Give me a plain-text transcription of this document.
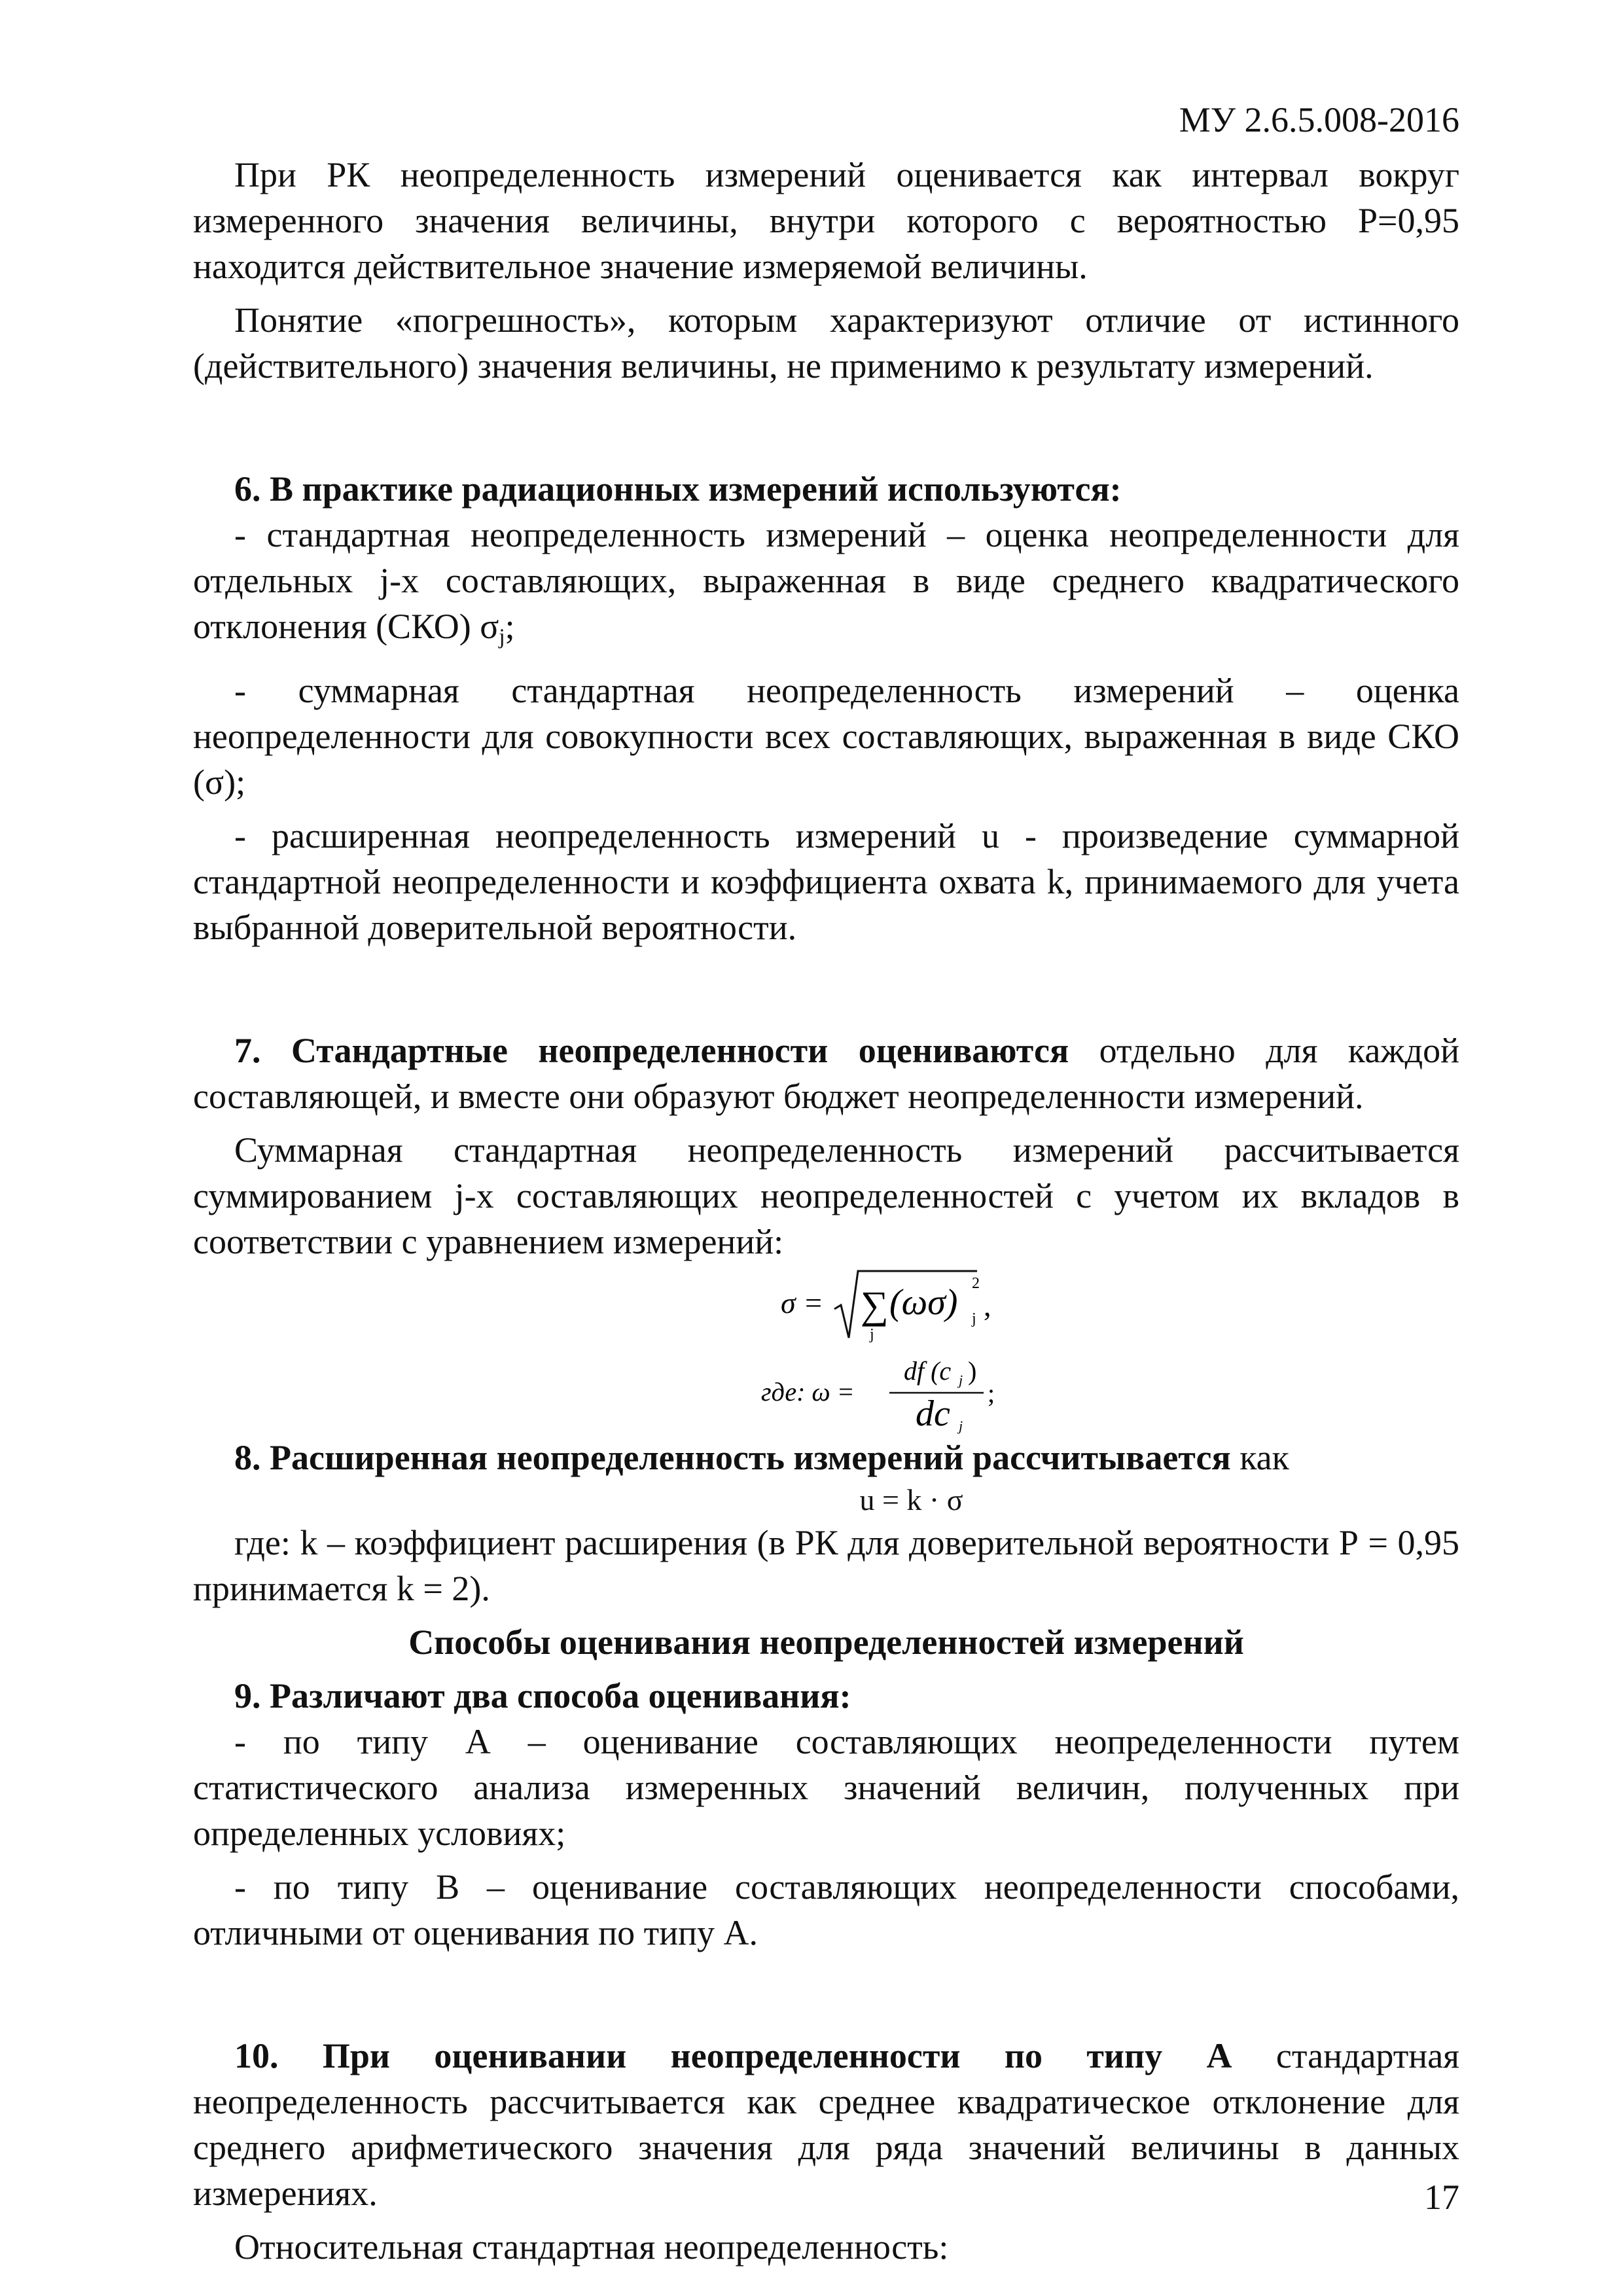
МУ 2.6.5.008-2016

При РК неопределенность измерений оценивается как интервал вокруг измеренного значения величины, внутри которого с вероятностью Р=0,95 находится действительное значение измеряемой величины.

Понятие «погрешность», которым характеризуют отличие от истинного (действительного) значения величины, не применимо к результату измерений.

6. В практике радиационных измерений используются:

- стандартная неопределенность измерений – оценка неопределенности для отдельных j-х составляющих, выраженная в виде среднего квадратического отклонения (СКО) $\sigma_j$;

- суммарная стандартная неопределенность измерений – оценка неопределенности для совокупности всех составляющих, выраженная в виде СКО (σ);

- расширенная неопределенность измерений u - произведение суммарной стандартной неопределенности и коэффициента охвата k, принимаемого для учета выбранной доверительной вероятности.

7. Стандартные неопределенности оцениваются отдельно для каждой составляющей, и вместе они образуют бюджет неопределенности измерений.

Суммарная стандартная неопределенность измерений рассчитывается суммированием j-х составляющих неопределенностей с учетом их вкладов в соответствии с уравнением измерений:

σ = ∑
j
(ωσ) 2
j ,
где: ω =
df (c j )
dc j
;

8. Расширенная неопределенность измерений рассчитывается как

u = k · σ

где: k – коэффициент расширения (в РК для доверительной вероятности Р = 0,95 принимается k = 2).

Способы оценивания неопределенностей измерений

9. Различают два способа оценивания:

- по типу А – оценивание составляющих неопределенности путем статистического анализа измеренных значений величин, полученных при определенных условиях;

- по типу В – оценивание составляющих неопределенности способами, отличными от оценивания по типу А.

10. При оценивании неопределенности по типу А стандартная неопределенность рассчитывается как среднее квадратическое отклонение для среднего арифметического значения для ряда значений величины в данных измерениях.

Относительная стандартная неопределенность:

17
